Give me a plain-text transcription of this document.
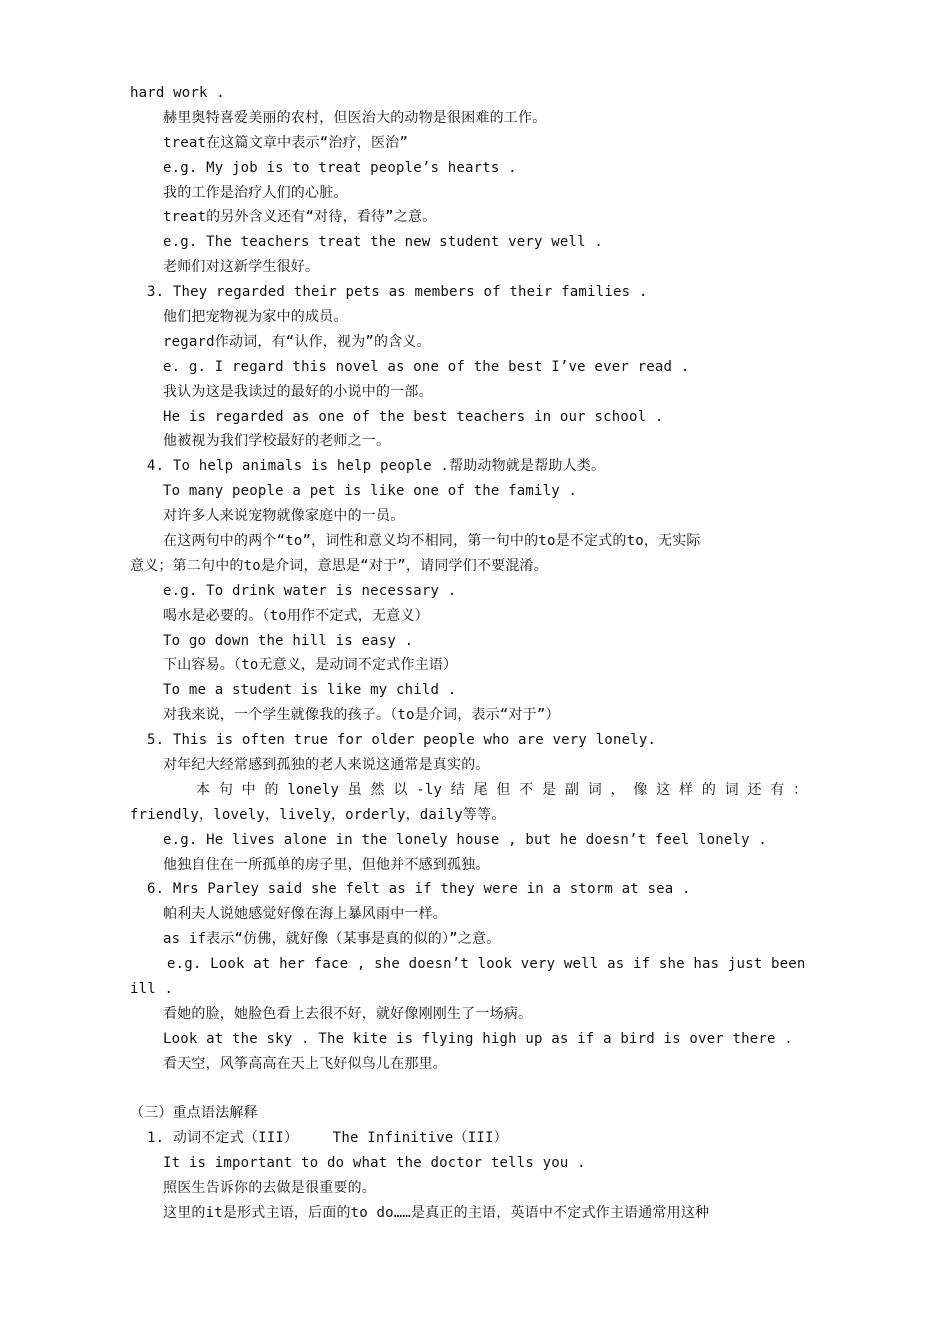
hard work .
赫里奥特喜爱美丽的农村，但医治大的动物是很困难的工作。
treat在这篇文章中表示“治疗，医治”
e.g. My job is to treat people’s hearts .
我的工作是治疗人们的心脏。
treat的另外含义还有“对待，看待”之意。
e.g. The teachers treat the new student very well .
老师们对这新学生很好。
3. They regarded their pets as members of their families .
他们把宠物视为家中的成员。
regard作动词，有“认作，视为”的含义。
e. g. I regard this novel as one of the best I’ve ever read .
我认为这是我读过的最好的小说中的一部。
He is regarded as one of the best teachers in our school .
他被视为我们学校最好的老师之一。
4. To help animals is help people .帮助动物就是帮助人类。
To many people a pet is like one of the family .
对许多人来说宠物就像家庭中的一员。
在这两句中的两个“to”，词性和意义均不相同，第一句中的to是不定式的to，无实际
意义；第二句中的to是介词，意思是“对于”，请同学们不要混淆。
e.g. To drink water is necessary .
喝水是必要的。（to用作不定式，无意义）
To go down the hill is easy .
下山容易。（to无意义，是动词不定式作主语）
To me a student is like my child .
对我来说，一个学生就像我的孩子。（to是介词，表示“对于”）
5. This is often true for older people who are very lonely.
对年纪大经常感到孤独的老人来说这通常是真实的。
本 句 中 的 lonely 虽 然 以 -ly 结 尾 但 不 是 副 词 ， 像 这 样 的 词 还 有 ：
friendly，lovely，lively，orderly，daily等等。
e.g. He lives alone in the lonely house , but he doesn’t feel lonely .
他独自住在一所孤单的房子里，但他并不感到孤独。
6. Mrs Parley said she felt as if they were in a storm at sea .
帕利夫人说她感觉好像在海上暴风雨中一样。
as if表示“仿佛，就好像（某事是真的似的）”之意。
e.g. Look at her face , she doesn’t look very well as if she has just been
ill .
看她的脸，她脸色看上去很不好，就好像刚刚生了一场病。
Look at the sky . The kite is flying high up as if a bird is over there .
看天空，风筝高高在天上飞好似鸟儿在那里。
（三）重点语法解释
1. 动词不定式（III）    The Infinitive（III）
It is important to do what the doctor tells you .
照医生告诉你的去做是很重要的。
这里的it是形式主语，后面的to do……是真正的主语，英语中不定式作主语通常用这种
